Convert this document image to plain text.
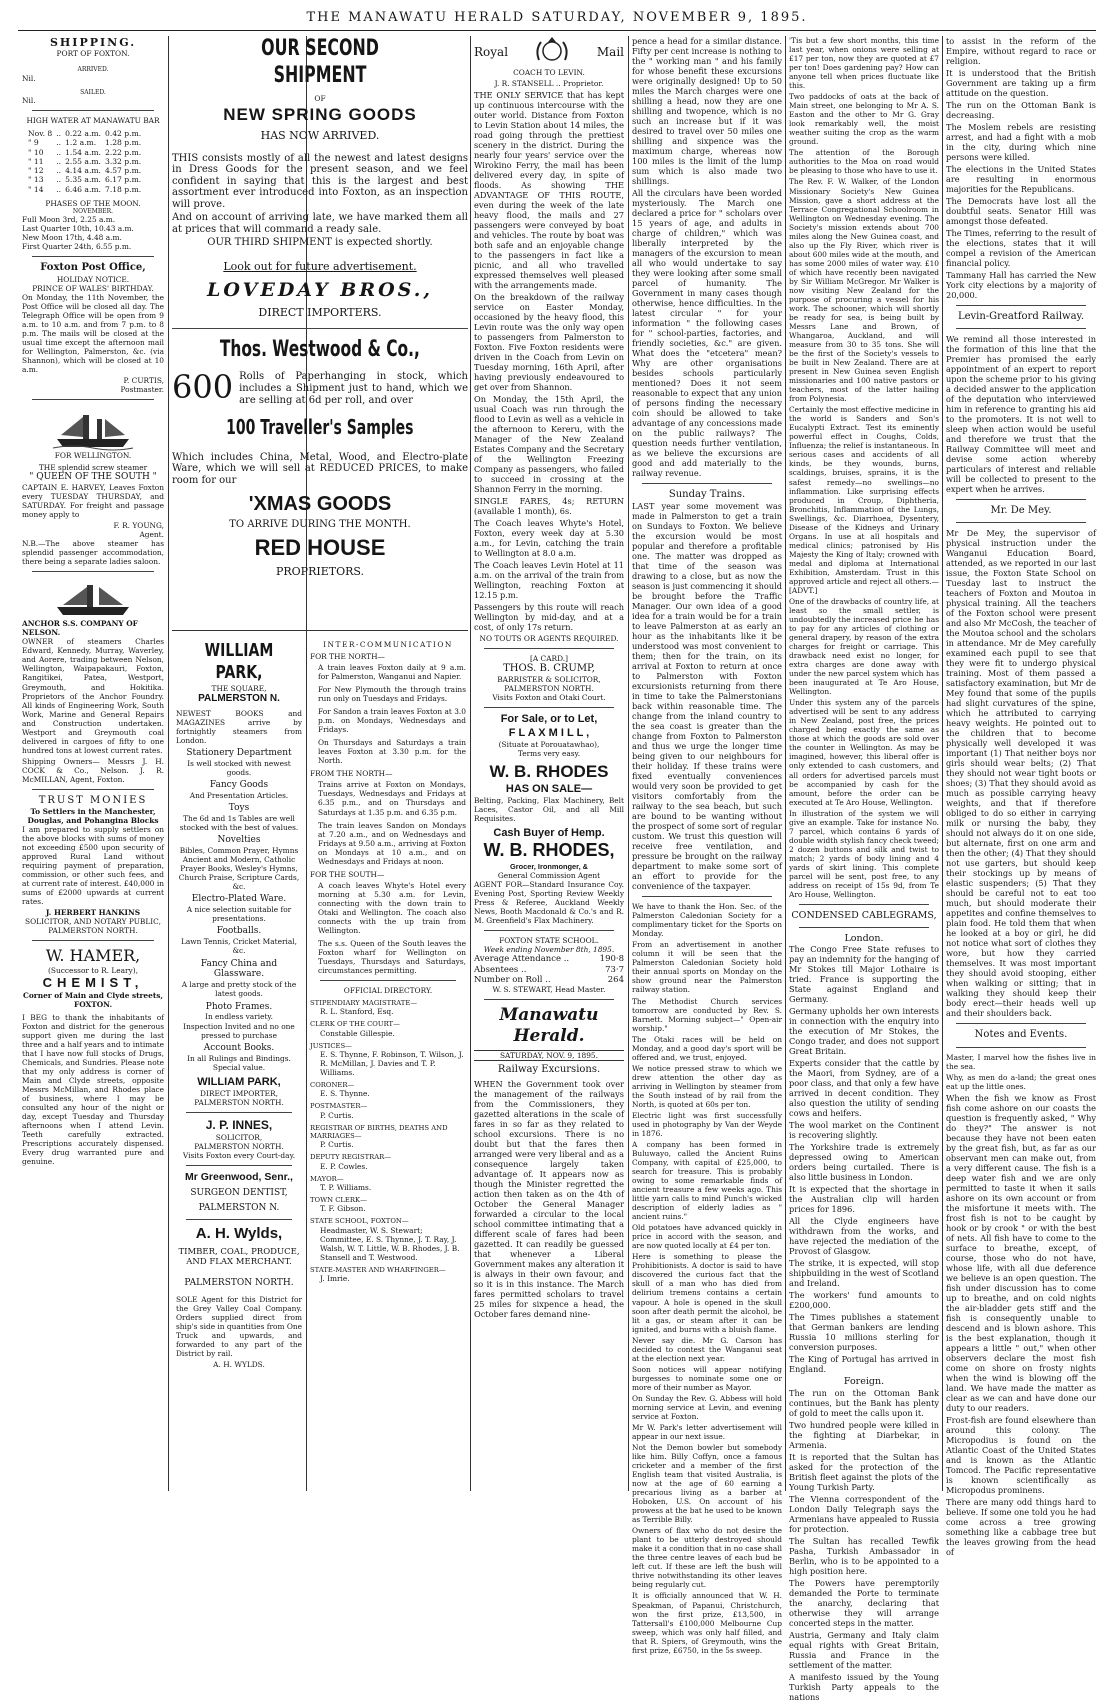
THE MANAWATU HERALD SATURDAY, NOVEMBER 9, 1895.
SHIPPING.
PORT OF FOXTON.
ARRIVED.
Nil.
SAILED.
Nil.
HIGH WATER AT MANAWATU BAR
Nov. 8	..	0.22 a.m.	0.42 p.m.
" 9	..	1.2 a.m.	1.28 p.m.
" 10	..	1.54 a.m.	2.22 p.m.
" 11	..	2.55 a.m.	3.32 p.m.
" 12	..	4.14 a.m.	4.57 p.m.
" 13	..	5.35 a.m.	6.17 p.m.
" 14	..	6.46 a.m.	7.18 p.m.
PHASES OF THE MOON.
NOVEMBER.
Full Moon 3rd, 2.25 a.m.
Last Quarter 10th, 10.43 a.m.
New Moon 17th, 4.48 a.m.
First Quarter 24th, 6.55 p.m.
Foxton Post Office,
HOLIDAY NOTICE.
PRINCE OF WALES' BIRTHDAY.

On Monday, the 11th November, the Post Office will be closed all day. The Telegraph Office will be open from 9 a.m. to 10 a.m. and from 7 p.m. to 8 p.m. The mails will be closed at the usual time except the afternoon mail for Wellington, Palmerston, &c. (via Shannon), which will be closed at 10 a.m.

P. CURTIS,
Postmaster.
FOR WELLINGTON.
THE splendid screw steamer
" QUEEN OF THE SOUTH "

CAPTAIN E. HARVEY, Leaves Foxton every TUESDAY THURSDAY, and SATURDAY. For freight and passage money apply to

F. R. YOUNG,
Agent.

N.B.—The above steamer has splendid passenger accommodation, there being a separate ladies saloon.

ANCHOR S.S. COMPANY OF NELSON.

OWNER of steamers Charles Edward, Kennedy, Murray, Waverley, and Aorere, trading between Nelson, Wellington, Waipapakauri, Foxton, Rangitikei, Patea, Westport, Greymouth, and Hokitika. Proprietors of the Anchor Foundry. All kinds of Engineering Work, South Work, Marine and General Repairs and Construction undertaken. Westport and Greymouth coal delivered in cargoes of fifty to one hundred tons at lowest current rates.

Shipping Owners— Messrs J. H. COCK & Co., Nelson. J. R. McMILLAN, Agent, Foxton.

TRUST MONIES
To Settlers in the Manchester, Douglas, and Pohangina Blocks

I am prepared to supply settlers on the above blocks with sums of money not exceeding £500 upon security of approved Rural Land without requiring payment of preparation, commission, or other such fees, and at current rate of interest. £40,000 in sums of £2000 upwards at current rates.

J. HERBERT HANKINS
SOLICITOR, AND NOTARY PUBLIC, PALMERSTON NORTH.
W. HAMER,
(Successor to R. Leary),
CHEMIST,
Corner of Main and Clyde streets, FOXTON.

I BEG to thank the inhabitants of Foxton and district for the generous support given me during the last three and a half years and to intimate that I have now full stocks of Drugs, Chemicals, and Sundries. Please note that my only address is corner of Main and Clyde streets, opposite Messrs McMillan, and Rhodes place of business, where I may be consulted any hour of the night or day, except Tuesday and Thursday afternoons when I attend Levin. Teeth carefully extracted. Prescriptions accurately dispensed. Every drug warranted pure and genuine.

OUR SECOND SHIPMENT
OF
NEW SPRING GOODS
HAS NOW ARRIVED.

THIS consists mostly of all the newest and latest designs in Dress Goods for the present season, and we feel confident in saying that this is the largest and best assortment ever introduced into Foxton, as an inspection will prove.

And on account of arriving late, we have marked them all at prices that will command a ready sale.

OUR THIRD SHIPMENT is expected shortly.
Look out for future advertisement.
LOVEDAY BROS.,
DIRECT IMPORTERS.
Thos. Westwood & Co.,
600 Rolls of Paperhanging in stock, which includes a Shipment just to hand, which we are selling at 6d per roll, and over

100 Traveller's Samples

Which includes China, Metal, Wood, and Electro-plate Ware, which we will sell at REDUCED PRICES, to make room for our

'XMAS GOODS
TO ARRIVE DURING THE MONTH.
RED HOUSE
PROPRIETORS.
WILLIAM PARK,
THE SQUARE,
PALMERSTON N.

NEWEST BOOKS and MAGAZINES arrive by fortnightly steamers from London.

Stationery Department
Is well stocked with newest goods.
Fancy Goods
And Presentation Articles.
Toys
The 6d and 1s Tables are well stocked with the best of values.
Novelties
Bibles, Common Prayer, Hymns Ancient and Modern, Catholic Prayer Books, Wesley's Hymns, Church Praise, Scripture Cards, &c.
Electro-Plated Ware.
A nice selection suitable for presentations.
Footballs.
Lawn Tennis, Cricket Material, &c.
Fancy China and Glassware.
A large and pretty stock of the latest goods.
Photo Frames.
In endless variety.
Inspection Invited and no one pressed to purchase
Account Books.
In all Rulings and Bindings. Special value.
WILLIAM PARK,
DIRECT IMPORTER, PALMERSTON NORTH.
J. P. INNES,
SOLICITOR,
PALMERSTON NORTH.
Visits Foxton every Court-day.
Mr Greenwood, Senr.,
SURGEON DENTIST,
PALMERSTON N.
A. H. Wylds,
TIMBER, COAL, PRODUCE, AND FLAX MERCHANT.
PALMERSTON NORTH.

SOLE Agent for this District for the Grey Valley Coal Company. Orders supplied direct from ship's side in quantities from One Truck and upwards, and forwarded to any part of the District by rail.

A. H. WYLDS.
INTER-COMMUNICATION
FOR THE NORTH—

A train leaves Foxton daily at 9 a.m. for Palmerston, Wanganui and Napier.

For New Plymouth the through trains run only on Tuesdays and Fridays.

For Sandon a train leaves Foxton at 3.0 p.m. on Mondays, Wednesdays and Fridays.

On Thursdays and Saturdays a train leaves Foxton at 3.30 p.m. for the North.

FROM THE NORTH—

Trains arrive at Foxton on Mondays, Tuesdays, Wednesdays and Fridays at 6.35 p.m., and on Thursdays and Saturdays at 1.35 p.m. and 6.35 p.m.

The train leaves Sandon on Mondays at 7.20 a.m., and on Wednesdays and Fridays at 9.50 a.m., arriving at Foxton on Mondays at 10 a.m., and on Wednesdays and Fridays at noon.

FOR THE SOUTH—

A coach leaves Whyte's Hotel every morning at 5.30 a.m. for Levin, connecting with the down train to Otaki and Wellington. The coach also connects with the up train from Wellington.

The s.s. Queen of the South leaves the Foxton wharf for Wellington on Tuesdays, Thursdays and Saturdays, circumstances permitting.

OFFICIAL DIRECTORY.
STIPENDIARY MAGISTRATE—
R. L. Stanford, Esq.
CLERK OF THE COURT—
Constable Gillespie.
JUSTICES—
E. S. Thynne, F. Robinson, T. Wilson, J. R. McMillan, J. Davies and T. P. Williams.
CORONER—
E. S. Thynne.
POSTMASTER—
P. Curtis.
REGISTRAR OF BIRTHS, DEATHS AND MARRIAGES—
P. Curtis.
DEPUTY REGISTRAR—
E. P. Cowles.
MAYOR—
T. P. Williams.
TOWN CLERK—
T. F. Gibson.
STATE SCHOOL, FOXTON—
Headmaster, W. S. Stewart; Committee, E. S. Thynne, J. T. Ray, J. Walsh, W. T. Little, W. B. Rhodes, J. B. Stansell and T. Westwood.
STATE-MASTER AND WHARFINGER—
J. Imrie.
Royal	Mail
COACH TO LEVIN.
J. R. STANSELL .. Proprietor.

THE ONLY SERVICE that has kept up continuous intercourse with the outer world. Distance from Foxton to Levin Station about 14 miles, the road going through the prettiest scenery in the district. During the nearly four years' service over the Wirokino Ferry, the mail has been delivered every day, in spite of floods. As showing THE ADVANTAGE OF THIS ROUTE, even during the week of the late heavy flood, the mails and 27 passengers were conveyed by boat and vehicles. The route by boat was both safe and an enjoyable change to the passengers in fact like a picnic, and all who travelled expressed themselves well pleased with the arrangements made.

On the breakdown of the railway service on Easter Monday, occasioned by the heavy flood, this Levin route was the only way open to passengers from Palmerston to Foxton. Five Foxton residents were driven in the Coach from Levin on Tuesday morning, 16th April, after having previously endeavoured to get over from Shannon.

On Monday, the 15th April, the usual Coach was run through the flood to Levin as well as a vehicle in the afternoon to Kereru, with the Manager of the New Zealand Estates Company and the Secretary of the Wellington Freezing Company as passengers, who failed to succeed in crossing at the Shannon Ferry in the morning.

SINGLE FARES, 4s; RETURN (available 1 month), 6s.

The Coach leaves Whyte's Hotel, Foxton, every week day at 5.30 a.m., for Levin, catching the train to Wellington at 8.0 a.m.

The Coach leaves Levin Hotel at 11 a.m. on the arrival of the train from Wellington, reaching Foxton at 12.15 p.m.

Passengers by this route will reach Wellington by mid-day, and at a cost, of only 17s return.

NO TOUTS OR AGENTS REQUIRED.
[A CARD.]
THOS. B. CRUMP,
BARRISTER & SOLICITOR,
PALMERSTON NORTH.
Visits Foxton and Otaki Court.
For Sale, or to Let,
F L A X M I L L ,
(Situate at Porouatawhao),
Terms very easy.
W. B. RHODES
HAS ON SALE—

Belting, Packing, Flax Machinery, Belt Laces, Castor Oil, and all Mill Requisites.

Cash Buyer of Hemp.
W. B. RHODES,
Grocer, Ironmonger, &
General Commission Agent

AGENT FOR—Standard Insurance Coy. Evening Post, Sporting Review Weekly Press & Referee, Auckland Weekly News, Booth Macdonald & Co.'s and R. M. Greenfield's Flax Machinery.

FOXTON STATE SCHOOL.
Week ending November 8th, 1895.
Average Attendance ..	190·8
Absentees ..	73·7
Number on Roll ..	264
W. S. STEWART, Head Master.
Manawatu Herald.
SATURDAY, NOV. 9, 1895.
Railway Excursions.

WHEN the Government took over the management of the railways from the Commissioners, they gazetted alterations in the scale of fares in so far as they related to school excursions. There is no doubt but that the fares then arranged were very liberal and as a consequence largely taken advantage of. It appears now as though the Minister regretted the action then taken as on the 4th of October the General Manager forwarded a circular to the local school committee intimating that a different scale of fares had been gazetted. It can readily be guessed that whenever a Liberal Government makes any alteration it is always in their own favour, and so it is in this instance. The March fares permitted scholars to travel 25 miles for sixpence a head, the October fares demand nine-

pence a head for a similar distance. Fifty per cent increase is nothing to the " working man " and his family for whose benefit these excursions were originally designed! Up to 50 miles the March charges were one shilling a head, now they are one shilling and twopence, which is no such an increase but if it was desired to travel over 50 miles one shilling and sixpence was the maximum charge, whereas now 100 miles is the limit of the lump sum which is also made two shillings.

All the circulars have been worded mysteriously. The March one declared a price for " scholars over 15 years of age, and adults in charge of children," which was liberally interpreted by the managers of the excursion to mean all who would undertake to say they were looking after some small parcel of humanity. The Government in many cases though otherwise, hence difficulties. In the latest circular " for your information " the following cases for " school-parties, factories, and friendly societies, &c." are given. What does the "etcetera" mean? Why are other organisations besides schools particularly mentioned? Does it not seem reasonable to expect that any union of persons finding the necessary coin should be allowed to take advantage of any concessions made on the public railways? The question needs further ventilation, as we believe the excursions are good and add materially to the railway revenue.

Sunday Trains.

LAST year some movement was made in Palmerston to get a train on Sundays to Foxton. We believe the excursion would be most popular and therefore a profitable one. The matter was dropped as that time of the season was drawing to a close, but as now the season is just commencing it should be brought before the Traffic Manager. Our own idea of a good idea for a train would be for a train to leave Palmerston at as early an hour as the inhabitants like it be understood was most convenient to them; then for the train, on its arrival at Foxton to return at once to Palmerston with Foxton excursionists returning from there in time to take the Palmerstonians back within reasonable time. The change from the inland country to the sea coast is greater than the change from Foxton to Palmerston and thus we urge the longer time being given to our neighbours for their holiday. If these trains were fixed eventually conveniences would very soon be provided to get visitors comfortably from the railway to the sea beach, but such are bound to be wanting without the prospect of some sort of regular custom. We trust this question will receive free ventilation, and pressure be brought on the railway department to make some sort of an effort to provide for the convenience of the taxpayer.

We have to thank the Hon. Sec. of the Palmerston Caledonian Society for a complimentary ticket for the Sports on Monday.

From an advertisement in another column it will be seen that the Palmerston Caledonian Society hold their annual sports on Monday on the show ground near the Palmerston railway station.

The Methodist Church services tomorrow are conducted by Rev. S. Barnett. Morning subject—" Open-air worship."

The Otaki races will be held on Monday, and a good day's sport will be offered and, we trust, enjoyed.

We notice pressed straw to which we drew attention the other day as arriving in Wellington by steamer from the South instead of by rail from the North, is quoted at 60s per ton.

Electric light was first successfully used in photography by Van der Weyde in 1876.

A company has been formed in Buluwayo, called the Ancient Ruins Company, with capital of £25,000, to search for treasure. This is probably owing to some remarkable finds of ancient treasure a few weeks ago. This little yarn calls to mind Punch's wicked description of elderly ladies as " ancient ruins."

Old potatoes have advanced quickly in price in accord with the season, and are now quoted locally at £4 per ton.

Here is something to please the Prohibitionists. A doctor is said to have discovered the curious fact that the skull of a man who has died from delirium tremens contains a certain vapour. A hole is opened in the skull soon after death permit the alcohol, be lit a gas, or steam after it can be ignited, and burns with a bluish flame.

Never say die. Mr G. Carson has decided to contest the Wanganui seat at the election next year.

Soon notices will appear notifying burgesses to nominate some one or more of their number as Mayor.

On Sunday the Rev. G. Abbess will hold morning service at Levin, and evening service at Foxton.

Mr W. Park's letter advertisement will appear in our next issue.

Not the Demon bowler but somebody like him. Billy Coffyn, once a famous cricketer and a member of the first English team that visited Australia, is now at the age of 60 earning a precarious living as a barber at Hoboken, U.S. On account of his prowess at the bat he used to be known as Terrible Billy.

Owners of flax who do not desire the plant to be utterly destroyed should make it a condition that in no case shall the three centre leaves of each bud be left cut. If these are left the bush will thrive notwithstanding its other leaves being regularly cut.

It is officially announced that W. H. Speakman, of Papanui, Christchurch, won the first prize, £13,500, in Tattersall's £100,000 Melbourne Cup sweep, which was only half filled, and that R. Spiers, of Greymouth, wins the first prize, £6750, in the 5s sweep.

'Tis but a few short months, this time last year, when onions were selling at £17 per ton, now they are quoted at £7 per ton! Does gardening pay? How can anyone tell when prices fluctuate like this.

Two paddocks of oats at the back of Main street, one belonging to Mr A. S. Easton and the other to Mr G. Gray look remarkably well, the moist weather suiting the crop as the warm ground.

The attention of the Borough authorities to the Moa on road would be pleasing to those who have to use it.

The Rev. F. W. Walker, of the London Missionary Society's New Guinea Mission, gave a short address at the Terrace Congregational Schoolroom in Wellington on Wednesday evening. The Society's mission extends about 700 miles along the New Guinea coast, and also up the Fly River, which river is about 600 miles wide at the mouth, and has some 2000 miles of water way. £10 of which have recently been navigated by Sir William McGregor. Mr Walker is now visiting New Zealand for the purpose of procuring a vessel for his work. The schooner, which will shortly be ready for sea, is being built by Messrs Lane and Brown, of Whangaroa, Auckland, and will measure from 30 to 35 tons. She will be the first of the Society's vessels to be built in New Zealand. There are at present in New Guinea seven English missionaries and 100 native pastors or teachers, most of the latter hailing from Polynesia.

Certainly the most effective medicine in the world is Sanders and Son's Eucalypti Extract. Test its eminently powerful effect in Coughs, Colds, Influenza; the relief is instantaneous. In serious cases and accidents of all kinds, be they wounds, burns, scaldings, bruises, sprains, it is the safest remedy—no swellings—no inflammation. Like surprising effects produced in Croup, Diphtheria, Bronchitis, Inflammation of the Lungs, Swellings, &c. Diarrhoea, Dysentery, Disease of the Kidneys and Urinary Organs. In use at all hospitals and medical clinics; patronised by His Majesty the King of Italy; crowned with medal and diploma at International Exhibition, Amsterdam. Trust in this approved article and reject all others.— [ADVT.]

One of the drawbacks of country life, at least so the small settler, is undoubtedly the increased price he has to pay for any articles of clothing or general drapery, by reason of the extra charges for freight or carriage. This drawback need exist no longer, for extra charges are done away with under the new parcel system which has been inaugurated at Te Aro House, Wellington.

Under this system any of the parcels advertised will be sent to any address in New Zealand, post free, the prices charged being exactly the same as those at which the goods are sold over the counter in Wellington. As may be imagined, however, this liberal offer is only extended to cash customers, and all orders for advertised parcels must be accompanied by cash for the amount, before the order can be executed at Te Aro House, Wellington.

In illustration of the system we will give an example. Take for instance No. 7 parcel, which contains 6 yards of double width stylish fancy check tweed; 2 dozen buttons and silk and twist to match; 2 yards of body lining and 4 yards of skirt lining. This complete parcel will be sent, post free, to any address on receipt of 15s 9d, from Te Aro House, Wellington.

CONDENSED CABLEGRAMS,
London.

The Congo Free State refuses to pay an indemnity for the hanging of Mr Stokes till Major Lothaire is tried. France is supporting the State against England and Germany.

Germany upholds her own interests in connection with the enquiry into the execution of Mr Stokes, the Congo trader, and does not support Great Britain.

Experts consider that the cattle by the Maori, from Sydney, are of a poor class, and that only a few have arrived in decent condition. They also question the utility of sending cows and heifers.

The wool market on the Continent is recovering slightly.

The Yorkshire trade is extremely depressed owing to American orders being curtailed. There is also little business in London.

It is expected that the shortage in the Australian clip will harden prices for 1896.

All the Clyde engineers have withdrawn from the works, and have rejected the mediation of the Provost of Glasgow.

The strike, it is expected, will stop shipbuilding in the west of Scotland and Ireland.

The workers' fund amounts to £200,000.

The Times publishes a statement that German bankers are lending Russia 10 millions sterling for conversion purposes.

The King of Portugal has arrived in England.

Foreign.

The run on the Ottoman Bank continues, but the Bank has plenty of gold to meet the calls upon it.

Two hundred people were killed in the fighting at Diarbekar, in Armenia.

It is reported that the Sultan has asked for the protection of the British fleet against the plots of the Young Turkish Party.

The Vienna correspondent of the London Daily Telegraph says the Armenians have appealed to Russia for protection.

The Sultan has recalled Tewfik Pasha, Turkish Ambassador in Berlin, who is to be appointed to a high position here.

The Powers have peremptorily demanded the Porte to terminate the anarchy, declaring that otherwise they will arrange concerted steps in the matter.

Austria, Germany and Italy claim equal rights with Great Britain, Russia and France in the settlement of the matter.

A manifesto issued by the Young Turkish Party appeals to the nations

to assist in the reform of the Empire, without regard to race or religion.

It is understood that the British Government are taking up a firm attitude on the question.

The run on the Ottoman Bank is decreasing.

The Moslem rebels are resisting arrest, and had a fight with a mob in the city, during which nine persons were killed.

The elections in the United States are resulting in enormous majorities for the Republicans.

The Democrats have lost all the doubtful seats. Senator Hill was amongst those defeated.

The Times, referring to the result of the elections, states that it will compel a revision of the American financial policy.

Tammany Hall has carried the New York city elections by a majority of 20,000.

Levin-Greatford Railway.

We remind all those interested in the formation of this line that the Premier has promised the early appointment of an expert to report upon the scheme prior to his giving a decided answer to the application of the deputation who interviewed him in reference to granting his aid to the promoters. It is not well to sleep when action would be useful and therefore we trust that the Railway Committee will meet and devise some action whereby particulars of interest and reliable will be collected to present to the expert when he arrives.

Mr. De Mey.

Mr De Mey, the supervisor of physical instruction under the Wanganui Education Board, attended, as we reported in our last issue, the Foxton State School on Tuesday last to instruct the teachers of Foxton and Moutoa in physical training. All the teachers of the Foxton school were present and also Mr McCosh, the teacher of the Moutoa school and the scholars in attendance. Mr de Mey carefully examined each pupil to see that they were fit to undergo physical training. Most of them passed a satisfactory examination, but Mr de Mey found that some of the pupils had slight curvatures of the spine, which he attributed to carrying heavy weights. He pointed out to the children that to become physically well developed it was important (1) That neither boys nor girls should wear belts; (2) That they should not wear tight boots or shoes; (3) That they should avoid as much as possible carrying heavy weights, and that if therefore obliged to do so either in carrying milk or nursing the baby, they should not always do it on one side, but alternate, first on one arm and then the other; (4) That they should not use garters, but should keep their stockings up by means of elastic suspenders; (5) That they should be careful not to eat too much, but should moderate their appetites and confine themselves to plain food. He told them that when he looked at a boy or girl, he did not notice what sort of clothes they wore, but how they carried themselves. It was most important they should avoid stooping, either when walking or sitting; that in walking they should keep their body erect—their heads well up and their shoulders back.

Notes and Events.

Master, I marvel how the fishes live in the sea.

Why, as men do a-land; the great ones eat up the little ones.

When the fish we know as Frost fish come ashore on our coasts the question is frequently asked, " Why do they?" The answer is not because they have not been eaten by the great fish, but, as far as our observant men can make out, from a very different cause. The fish is a deep water fish and we are only permitted to taste it when it sails ashore on its own account or from the misfortune it meets with. The frost fish is not to be caught by hook or by crook " or with the best of nets. All fish have to come to the surface to breathe, except, of course, those who do not have, whose life, with all due deference we believe is an open question. The fish under discussion has to come up to breathe, and on cold nights the air-bladder gets stiff and the fish is consequently unable to descend and is blown ashore. This is the best explanation, though it appears a little " out," when other observers declare the most fish come on shore on frosty nights when the wind is blowing off the land. We have made the matter as clear as we can and have done our duty to our readers.

Frost-fish are found elsewhere than around this colony. The Micropodius is found on the Atlantic Coast of the United States and is known as the Atlantic Tomcod. The Pacific representative is known scientifically as Micropodus prominens.

There are many odd things hard to believe. If some one told you he had come across a tree growing something like a cabbage tree but the leaves growing from the head of
